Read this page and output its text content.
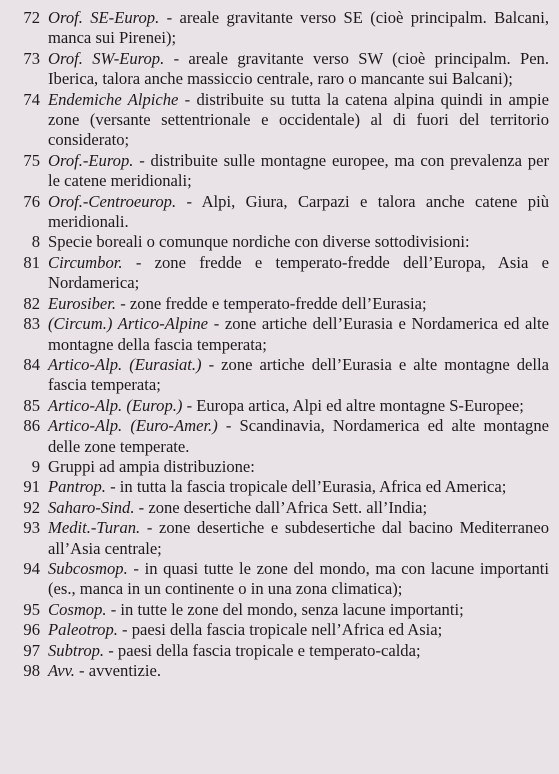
72 Orof. SE-Europ. - areale gravitante verso SE (cioè principalm. Balcani, manca sui Pirenei);
73 Orof. SW-Europ. - areale gravitante verso SW (cioè principalm. Pen. Iberica, talora anche massiccio centrale, raro o mancante sui Balcani);
74 Endemiche Alpiche - distribuite su tutta la catena alpina quindi in ampie zone (versante settentrionale e occidentale) al di fuori del territorio considerato;
75 Orof.-Europ. - distribuite sulle montagne europee, ma con prevalenza per le catene meridionali;
76 Orof.-Centroeurop. - Alpi, Giura, Carpazi e talora anche catene più meridionali.
8 Specie boreali o comunque nordiche con diverse sottodivisioni:
81 Circumbor. - zone fredde e temperato-fredde dell’Europa, Asia e Nordamerica;
82 Eurosiber. - zone fredde e temperato-fredde dell’Eurasia;
83 (Circum.) Artico-Alpine - zone artiche dell’Eurasia e Nordamerica ed alte montagne della fascia temperata;
84 Artico-Alp. (Eurasiat.) - zone artiche dell’Eurasia e alte montagne della fascia temperata;
85 Artico-Alp. (Europ.) - Europa artica, Alpi ed altre montagne S-Europee;
86 Artico-Alp. (Euro-Amer.) - Scandinavia, Nordamerica ed alte montagne delle zone temperate.
9 Gruppi ad ampia distribuzione:
91 Pantrop. - in tutta la fascia tropicale dell’Eurasia, Africa ed America;
92 Saharo-Sind. - zone desertiche dall’Africa Sett. all’India;
93 Medit.-Turan. - zone desertiche e subdesertiche dal bacino Mediterraneo all’Asia centrale;
94 Subcosmop. - in quasi tutte le zone del mondo, ma con lacune importanti (es., manca in un continente o in una zona climatica);
95 Cosmop. - in tutte le zone del mondo, senza lacune importanti;
96 Paleotrop. - paesi della fascia tropicale nell’Africa ed Asia;
97 Subtrop. - paesi della fascia tropicale e temperato-calda;
98 Avv. - avventizie.
